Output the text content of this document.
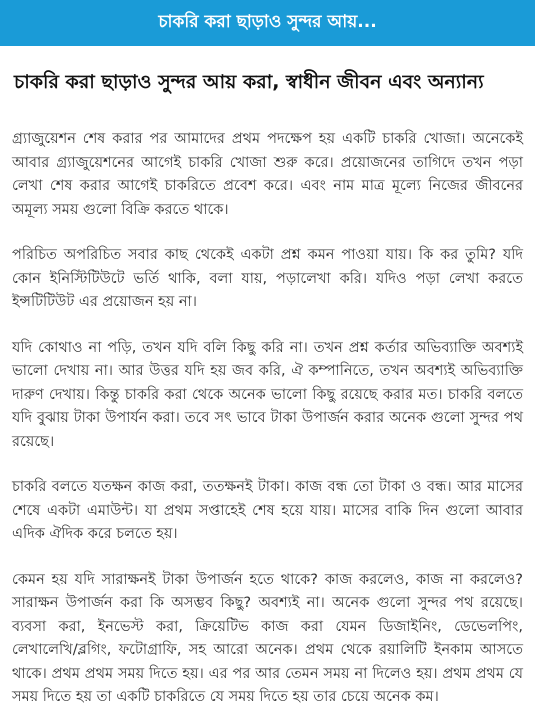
চাকরি করা ছাড়াও সুন্দর আয়...
চাকরি করা ছাড়াও সুন্দর আয় করা, স্বাধীন জীবন এবং অন্যান্য

গ্র্যাজুয়েশন শেষ করার পর আমাদের প্রথম পদক্ষেপ হয় একটি চাকরি খোজা। অনেকেই আবার গ্র্যাজুয়েশনের আগেই চাকরি খোজা শুরু করে। প্রয়োজনের তাগিদে তখন পড়া লেখা শেষ করার আগেই চাকরিতে প্রবেশ করে। এবং নাম মাত্র মূল্যে নিজের জীবনের অমূল্য সময় গুলো বিক্রি করতে থাকে।

পরিচিত অপরিচিত সবার কাছ থেকেই একটা প্রশ্ন কমন পাওয়া যায়। কি কর তুমি? যদি কোন ইনিস্টিটিউটে ভর্তি থাকি, বলা যায়, পড়ালেখা করি। যদিও পড়া লেখা করতে ইন্সটিটিউট এর প্রয়োজন হয় না।

যদি কোথাও না পড়ি, তখন যদি বলি কিছু করি না। তখন প্রশ্ন কর্তার অভিব্যাক্তি অবশ্যই ভালো দেখায় না। আর উত্তর যদি হয় জব করি, ঐ কম্পানিতে, তখন অবশ্যই অভিব্যাক্তি দারুণ দেখায়। কিন্তু চাকরি করা থেকে অনেক ভালো কিছু রয়েছে করার মত। চাকরি বলতে যদি বুঝায় টাকা উপার্যন করা। তবে সৎ ভাবে টাকা উপার্জন করার অনেক গুলো সুন্দর পথ রয়েছে।

চাকরি বলতে যতক্ষন কাজ করা, ততক্ষনই টাকা। কাজ বন্ধ তো টাকা ও বন্ধ। আর মাসের শেষে একটা এমাউন্ট। যা প্রথম সপ্তাহেই শেষ হয়ে যায়। মাসের বাকি দিন গুলো আবার এদিক ঐদিক করে চলতে হয়।

কেমন হয় যদি সারাক্ষনই টাকা উপার্জন হতে থাকে? কাজ করলেও, কাজ না করলেও? সারাক্ষন উপার্জন করা কি অসম্ভব কিছু? অবশ্যই না। অনেক গুলো সুন্দর পথ রয়েছে। ব্যবসা করা, ইনভেস্ট করা, ক্রিয়েটিভ কাজ করা যেমন ডিজাইনিং, ডেভেলপিং, লেখালেখি/ব্লগিং, ফটোগ্রাফি, সহ আরো অনেক। প্রথম থেকে রয়ালিটি ইনকাম আসতে থাকে। প্রথম প্রথম সময় দিতে হয়। এর পর আর তেমন সময় না দিলেও হয়। প্রথম প্রথম যে সময় দিতে হয় তা একটি চাকরিতে যে সময় দিতে হয় তার চেয়ে অনেক কম।
